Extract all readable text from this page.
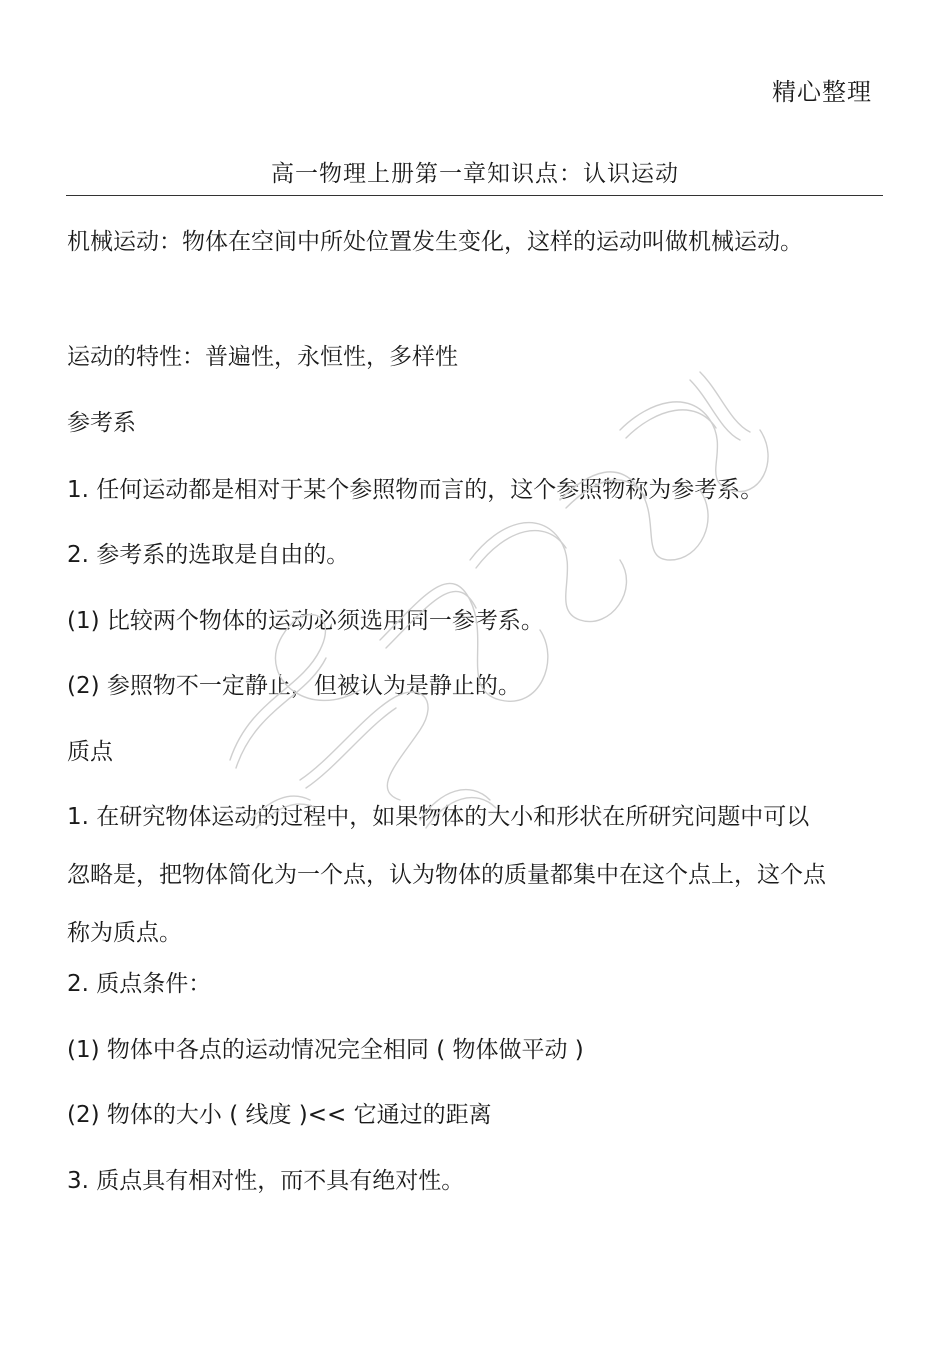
精心整理
高一物理上册第一章知识点：认识运动
机械运动：物体在空间中所处位置发生变化，这样的运动叫做机械运动。
运动的特性：普遍性，永恒性，多样性
参考系
1. 任何运动都是相对于某个参照物而言的，这个参照物称为参考系。
2. 参考系的选取是自由的。
(1) 比较两个物体的运动必须选用同一参考系。
(2) 参照物不一定静止，但被认为是静止的。
质点
1. 在研究物体运动的过程中，如果物体的大小和形状在所研究问题中可以忽略是，把物体简化为一个点，认为物体的质量都集中在这个点上，这个点称为质点。
2. 质点条件：
(1) 物体中各点的运动情况完全相同 ( 物体做平动 )
(2) 物体的大小 ( 线度 )<< 它通过的距离
3. 质点具有相对性，而不具有绝对性。
